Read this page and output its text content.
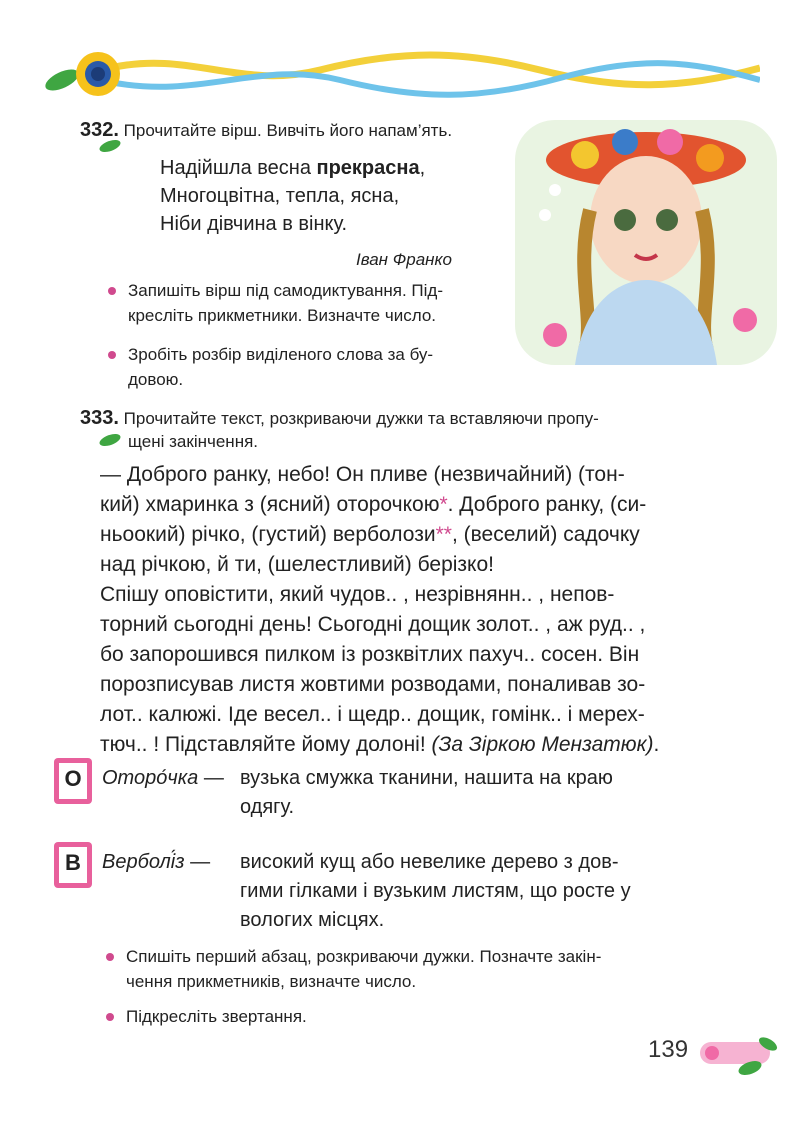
332. Прочитайте вірш. Вивчіть його напам’ять.
Надійшла весна прекрасна,
Многоцвітна, тепла, ясна,
Ніби дівчина в вінку.
Іван Франко
Запишіть вірш під самодиктування. Під-
кресліть прикметники. Визначте число.
Зробіть розбір виділеного слова за бу-
довою.
333. Прочитайте текст, розкриваючи дужки та вставляючи пропу-
щені закінчення.
— Доброго ранку, небо! Он пливе (незвичайний) (тон-
кий) хмаринка з (ясний) оторочкою*. Доброго ранку, (си-
ньоокий) річко, (густий) верболози**, (веселий) садочку
над річкою, й ти, (шелестливий) берізко!
Спішу оповістити, який чудов.. , незрівнянн.. , непов-
торний сьогодні день! Сьогодні дощик золот.. , аж руд.. ,
бо запорошився пилком із розквітлих пахуч.. сосен. Він
порозписував листя жовтими розводами, поналивав зо-
лот.. калюжі. Іде весел.. і щедр.. дощик, гомінк.. і мерех-
тюч.. ! Підставляйте йому долоні! (За Зіркою Мензатюк).
О	Оторо́чка — вузька смужка тканини, нашита на краю
одягу.
В	Верболі́з — високий кущ або невелике дерево з дов-
гими гілками і вузьким листям, що росте у
вологих місцях.
Спишіть перший абзац, розкриваючи дужки. Позначте закін-
чення прикметників, визначте число.
Підкресліть звертання.
139
